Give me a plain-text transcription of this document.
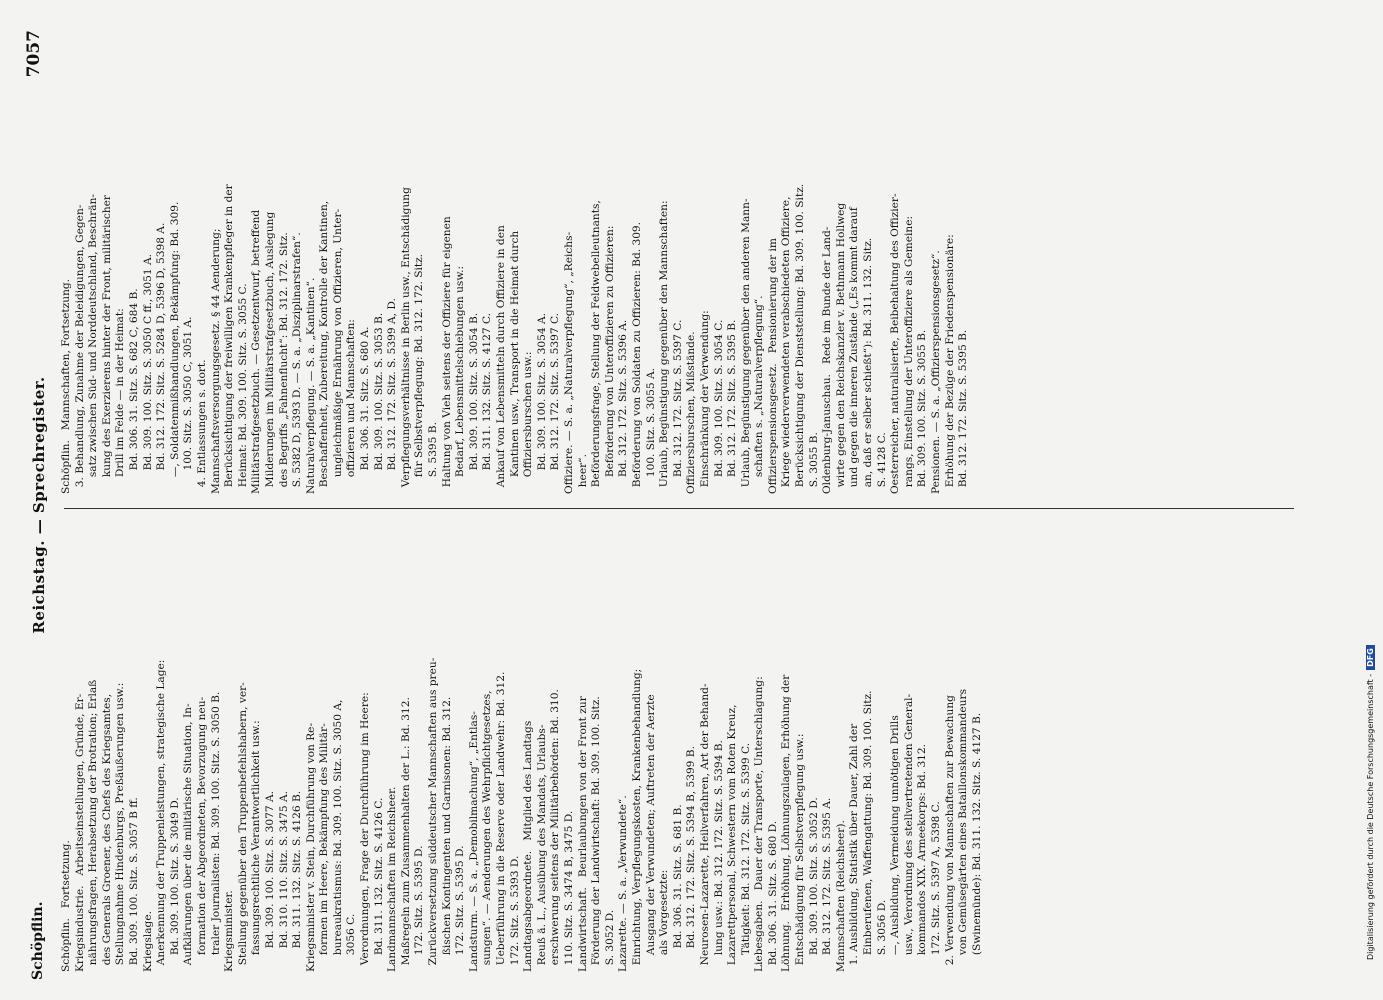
Schöpflin.
Reichstag. — Sprechregister.
7057
Schöpflin.   Fortsetzung. Kriegsindustrie.   Arbeitseinstellungen, Gründe, Er- nährungsfragen, Herabsetzung der Brotration; Erlaß des Generals Groener, des Chefs des Kriegsamtes, Stellungnahme Hindenburgs, Preßäußerungen usw.: Bd. 309. 100. Sitz. S. 3057 B ff. Kriegslage. Anerkennung der Truppenleistungen, strategische Lage: Bd. 309. 100. Sitz. S. 3049 D. Aufklärungen über die militärische Situation, In- formation der Abgeordneten, Bevorzugung neu- traler Journalisten: Bd. 309. 100. Sitz. S. 3050 B. Kriegsminister. Stellung gegenüber den Truppenbefehlshabern, ver- fassungsrechtliche Verantwortlichkeit usw.: Bd. 309. 100. Sitz. S. 3077 A. Bd. 310. 110. Sitz. S. 3475 A. Bd. 311. 132. Sitz. S. 4126 B. Kriegsminister v. Stein, Durchführung von Re- formen im Heere, Bekämpfung des Militär- bureaukratismus: Bd. 309. 100. Sitz. S. 3050 A, 3056 C. Verordnungen, Frage der Durchführung im Heere: Bd. 311. 132. Sitz. S. 4126 C. Landmannschaften im Reichsheer. Maßregeln zum Zusammenhalten der L.: Bd. 312. 172. Sitz. S. 5395 D. Zurückversetzung süddeutscher Mannschaften aus preu- ßischen Kontingenten und Garnisonen: Bd. 312. 172. Sitz. S. 5395 D. Landsturm. — S. a. „Demobilmachung“, „Entlas- sungen“. — Aenderungen des Wehrpflichtgesetzes, Ueberführung in die Reserve oder Landwehr: Bd. 312. 172. Sitz. S. 5393 D. Landtagsabgeordnete.   Mitglied des Landtags Reuß ä. L., Ausübung des Mandats, Urlaubs- erschwerung seitens der Militärbehörden: Bd. 310. 110. Sitz. S. 3474 B, 3475 D. Landwirtschaft.   Beurlaubungen von der Front zur Förderung der Landwirtschaft: Bd. 309. 100. Sitz. S. 3052 D. Lazarette. — S. a. „Verwundete“. Einrichtung, Verpflegungskosten, Krankenbehandlung; Ausgang der Verwundeten; Auftreten der Aerzte als Vorgesetzte: Bd. 306. 31. Sitz. S. 681 B. Bd. 312. 172. Sitz. S. 5394 B, 5399 B. Neurosen-Lazarette, Heilverfahren, Art der Behand- lung usw.: Bd. 312. 172. Sitz. S. 5394 B. Lazarettpersonal, Schwestern vom Roten Kreuz, Tätigkeit: Bd. 312. 172. Sitz. S. 5399 C. Liebesgaben.   Dauer der Transporte, Unterschlagung: Bd. 306. 31. Sitz. S. 680 D. Löhnung.   Erhöhung, Löhnungszulagen, Erhöhung der Entschädigung für Selbstverpflegung usw.: Bd. 309. 100. Sitz. S. 3052 D. Bd. 312. 172. Sitz. S. 5395 A. Mannschaften (Reichsheer). 1. Ausbildung, Statistik über Dauer, Zahl der Einberufenen, Waffengattung: Bd. 309. 100. Sitz. S. 3056 D. —, Ausbildung, Vermeidung unnötigen Drills usw., Verordnung des stellvertretenden General- kommandos XIX. Armeekorps: Bd. 312. 172. Sitz. S. 5397 A, 5398 C. 2. Verwendung von Mannschaften zur Bewachung von Gemüsegärten eines Bataillonskommandeurs (Swinemünde): Bd. 311. 132. Sitz. S. 4127 B.
Schöpflin.   Mannschaften, Fortsetzung. 3. Behandlung, Zunahme der Beleidigungen, Gegen- satz zwischen Süd- und Norddeutschland, Beschrän- kung des Exerzierens hinter der Front, militärischer Drill im Felde — in der Heimat: Bd. 306. 31. Sitz. S. 682 C, 684 B. Bd. 309. 100. Sitz. S. 3050 C ff., 3051 A. Bd. 312. 172. Sitz. S. 5284 D, 5396 D, 5398 A. —, Soldatenmißhandlungen, Bekämpfung: Bd. 309. 100. Sitz. S. 3050 C, 3051 A. 4. Entlassungen s. dort. Mannschaftsversorgungsgesetz. § 44 Aenderung; Berücksichtigung der freiwilligen Krankenpfleger in der Heimat: Bd. 309. 100. Sitz. S. 3055 C. Militärstrafgesetzbuch. — Gesetzentwurf, betreffend Milderungen im Militärstrafgesetzbuch, Auslegung des Begriffs „Fahnenflucht“: Bd. 312. 172. Sitz. S. 5382 D, 5393 D. — S. a. „Disziplinarstrafen“. Naturalverpflegung. — S. a. „Kantinen“. Beschaffenheit, Zubereitung, Kontrolle der Kantinen, ungleichmäßige Ernährung von Offizieren, Unter- offizieren und Mannschaften: Bd. 306. 31. Sitz. S. 680 A. Bd. 309. 100. Sitz. S. 3053 B. Bd. 312. 172. Sitz. S. 5399 A, D. Verpflegungsverhältnisse in Berlin usw., Entschädigung für Selbstverpflegung: Bd. 312. 172. Sitz. S. 5395 B. Haltung von Vieh seitens der Offiziere für eigenen Bedarf, Lebensmittelschiebungen usw.: Bd. 309. 100. Sitz. S. 3054 B. Bd. 311. 132. Sitz. S. 4127 C. Ankauf von Lebensmitteln durch Offiziere in den Kantinen usw., Transport in die Heimat durch Offiziersburschen usw.: Bd. 309. 100. Sitz. S. 3054 A. Bd. 312. 172. Sitz. S. 5397 C. Offiziere. — S. a. „Naturalverpflegung“, „Reichs- heer“. Beförderungsfrage, Stellung der Feldwebelleutnants, Beförderung von Unteroffizieren zu Offizieren: Bd. 312. 172. Sitz. S. 5396 A. Beförderung von Soldaten zu Offizieren: Bd. 309. 100. Sitz. S. 3055 A. Urlaub, Begünstigung gegenüber den Mannschaften: Bd. 312. 172. Sitz. S. 5397 C. Offiziersburschen, Mißstände. Einschränkung der Verwendung: Bd. 309. 100. Sitz. S. 3054 C. Bd. 312. 172. Sitz. S. 5395 B. Urlaub, Begünstigung gegenüber den anderen Mann- schaften s. „Naturalverpflegung“. Offizierspensionsgesetz.   Pensionierung der im Kriege wiederverwendeten verabschiedeten Offiziere, Berücksichtigung der Dienststellung: Bd. 309. 100. Sitz. S. 3055 B. Oldenburg-Januschau.   Rede im Bunde der Land- wirte gegen den Reichskanzler v. Bethmann Hollweg und gegen die inneren Zustände („Es kommt darauf an, daß er selber schießt“): Bd. 311. 132. Sitz. S. 4128 C. Oesterreicher, naturalisierte, Beibehaltung des Offizier- rangs, Einstellung der Unteroffiziere als Gemeine: Bd. 309. 100. Sitz. S. 3055 B. Pensionen. — S. a. „Offizierspensionsgesetz“. Erhöhung der Bezüge der Friedenspensionäre: Bd. 312. 172. Sitz. S. 5395 B.
Digitalisierung gefördert durch die Deutsche Forschungsgemeinschaft -DFG
